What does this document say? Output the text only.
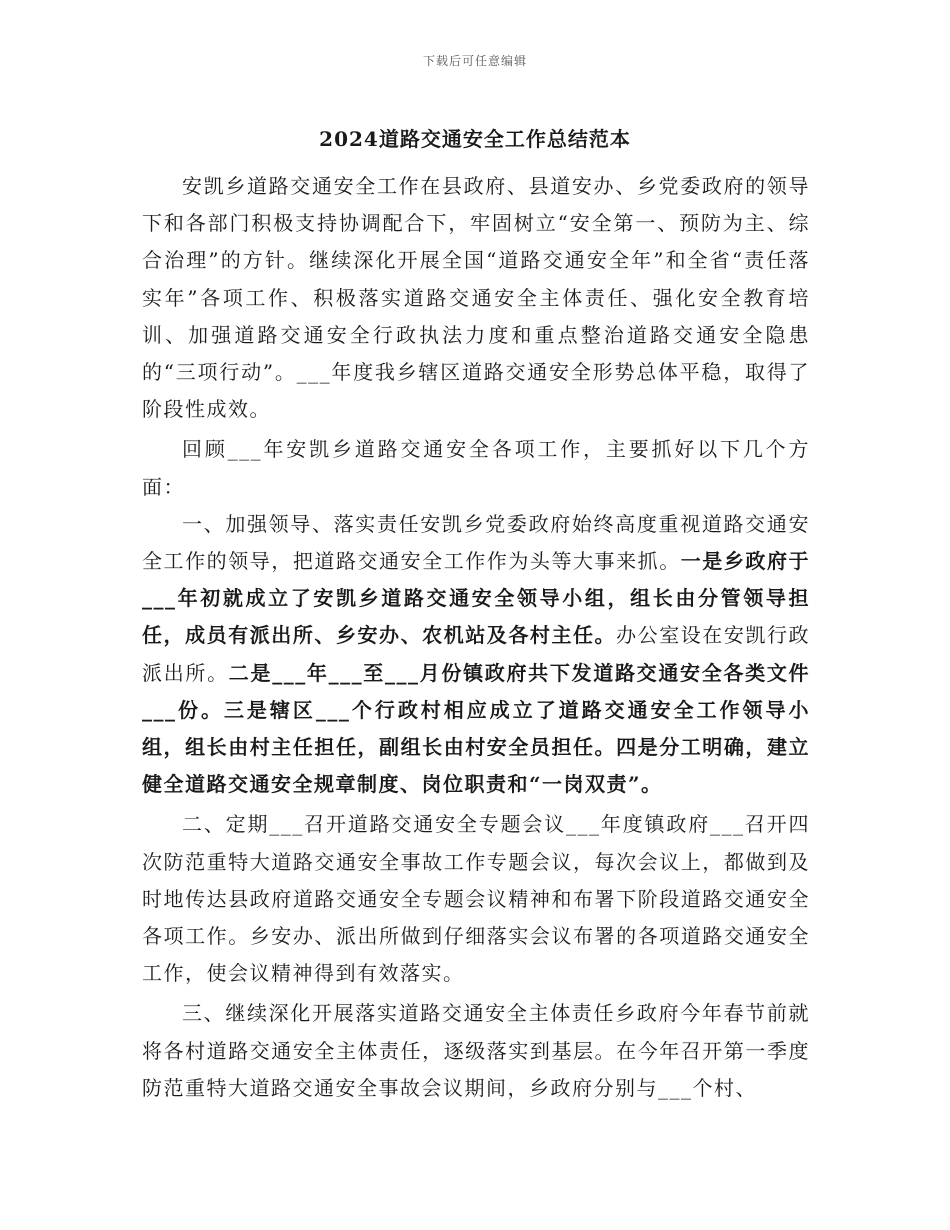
下载后可任意编辑
2024道路交通安全工作总结范本

安凯乡道路交通安全工作在县政府、县道安办、乡党委政府的领导下和各部门积极支持协调配合下，牢固树立“安全第一、预防为主、综合治理”的方针。继续深化开展全国“道路交通安全年”和全省“责任落实年”各项工作、积极落实道路交通安全主体责任、强化安全教育培训、加强道路交通安全行政执法力度和重点整治道路交通安全隐患的“三项行动”。___年度我乡辖区道路交通安全形势总体平稳，取得了阶段性成效。

回顾___年安凯乡道路交通安全各项工作，主要抓好以下几个方面：

一、加强领导、落实责任安凯乡党委政府始终高度重视道路交通安全工作的领导，把道路交通安全工作作为头等大事来抓。一是乡政府于___年初就成立了安凯乡道路交通安全领导小组，组长由分管领导担任，成员有派出所、乡安办、农机站及各村主任。办公室设在安凯行政派出所。二是___年___至___月份镇政府共下发道路交通安全各类文件___份。三是辖区___个行政村相应成立了道路交通安全工作领导小组，组长由村主任担任，副组长由村安全员担任。四是分工明确，建立健全道路交通安全规章制度、岗位职责和“一岗双责”。

二、定期___召开道路交通安全专题会议___年度镇政府___召开四次防范重特大道路交通安全事故工作专题会议，每次会议上，都做到及时地传达县政府道路交通安全专题会议精神和布署下阶段道路交通安全各项工作。乡安办、派出所做到仔细落实会议布署的各项道路交通安全工作，使会议精神得到有效落实。

三、继续深化开展落实道路交通安全主体责任乡政府今年春节前就将各村道路交通安全主体责任，逐级落实到基层。在今年召开第一季度防范重特大道路交通安全事故会议期间，乡政府分别与___个村、
